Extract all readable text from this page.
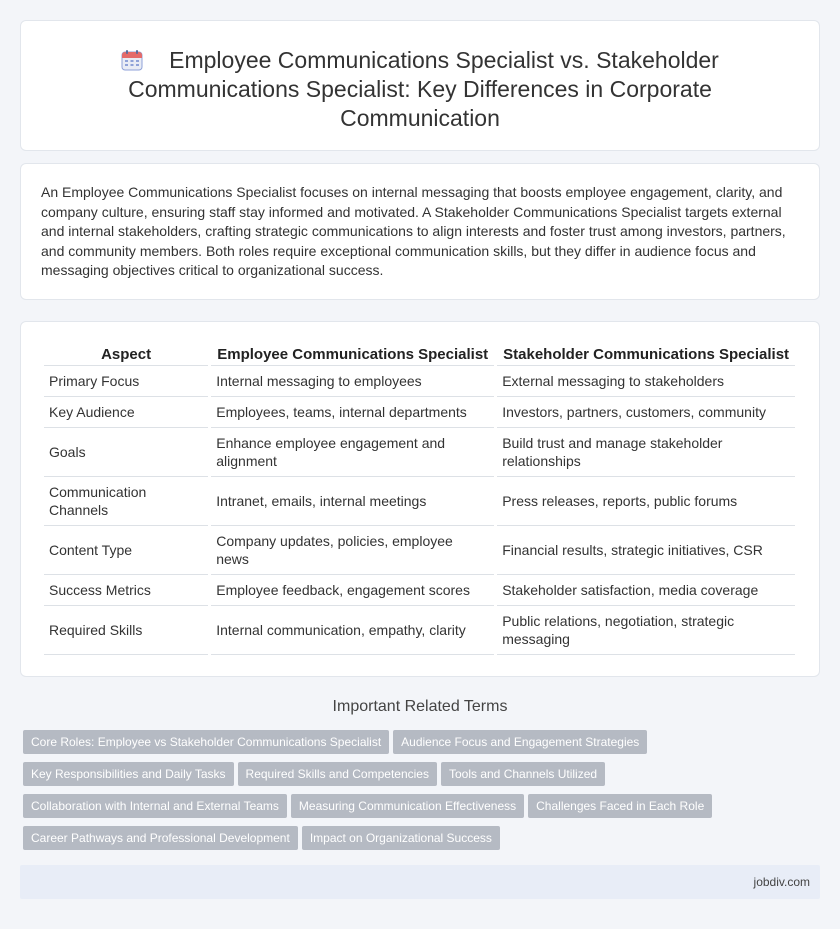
Employee Communications Specialist vs. Stakeholder Communications Specialist: Key Differences in Corporate Communication

An Employee Communications Specialist focuses on internal messaging that boosts employee engagement, clarity, and company culture, ensuring staff stay informed and motivated. A Stakeholder Communications Specialist targets external and internal stakeholders, crafting strategic communications to align interests and foster trust among investors, partners, and community members. Both roles require exceptional communication skills, but they differ in audience focus and messaging objectives critical to organizational success.

Aspect	Employee Communications Specialist	Stakeholder Communications Specialist
Primary Focus	Internal messaging to employees	External messaging to stakeholders
Key Audience	Employees, teams, internal departments	Investors, partners, customers, community
Goals	Enhance employee engagement and alignment	Build trust and manage stakeholder relationships
Communication Channels	Intranet, emails, internal meetings	Press releases, reports, public forums
Content Type	Company updates, policies, employee news	Financial results, strategic initiatives, CSR
Success Metrics	Employee feedback, engagement scores	Stakeholder satisfaction, media coverage
Required Skills	Internal communication, empathy, clarity	Public relations, negotiation, strategic messaging
Important Related Terms
Core Roles: Employee vs Stakeholder Communications Specialist Audience Focus and Engagement Strategies
Key Responsibilities and Daily Tasks Required Skills and Competencies Tools and Channels Utilized
Collaboration with Internal and External Teams Measuring Communication Effectiveness Challenges Faced in Each Role
Career Pathways and Professional Development Impact on Organizational Success
jobdiv.com
